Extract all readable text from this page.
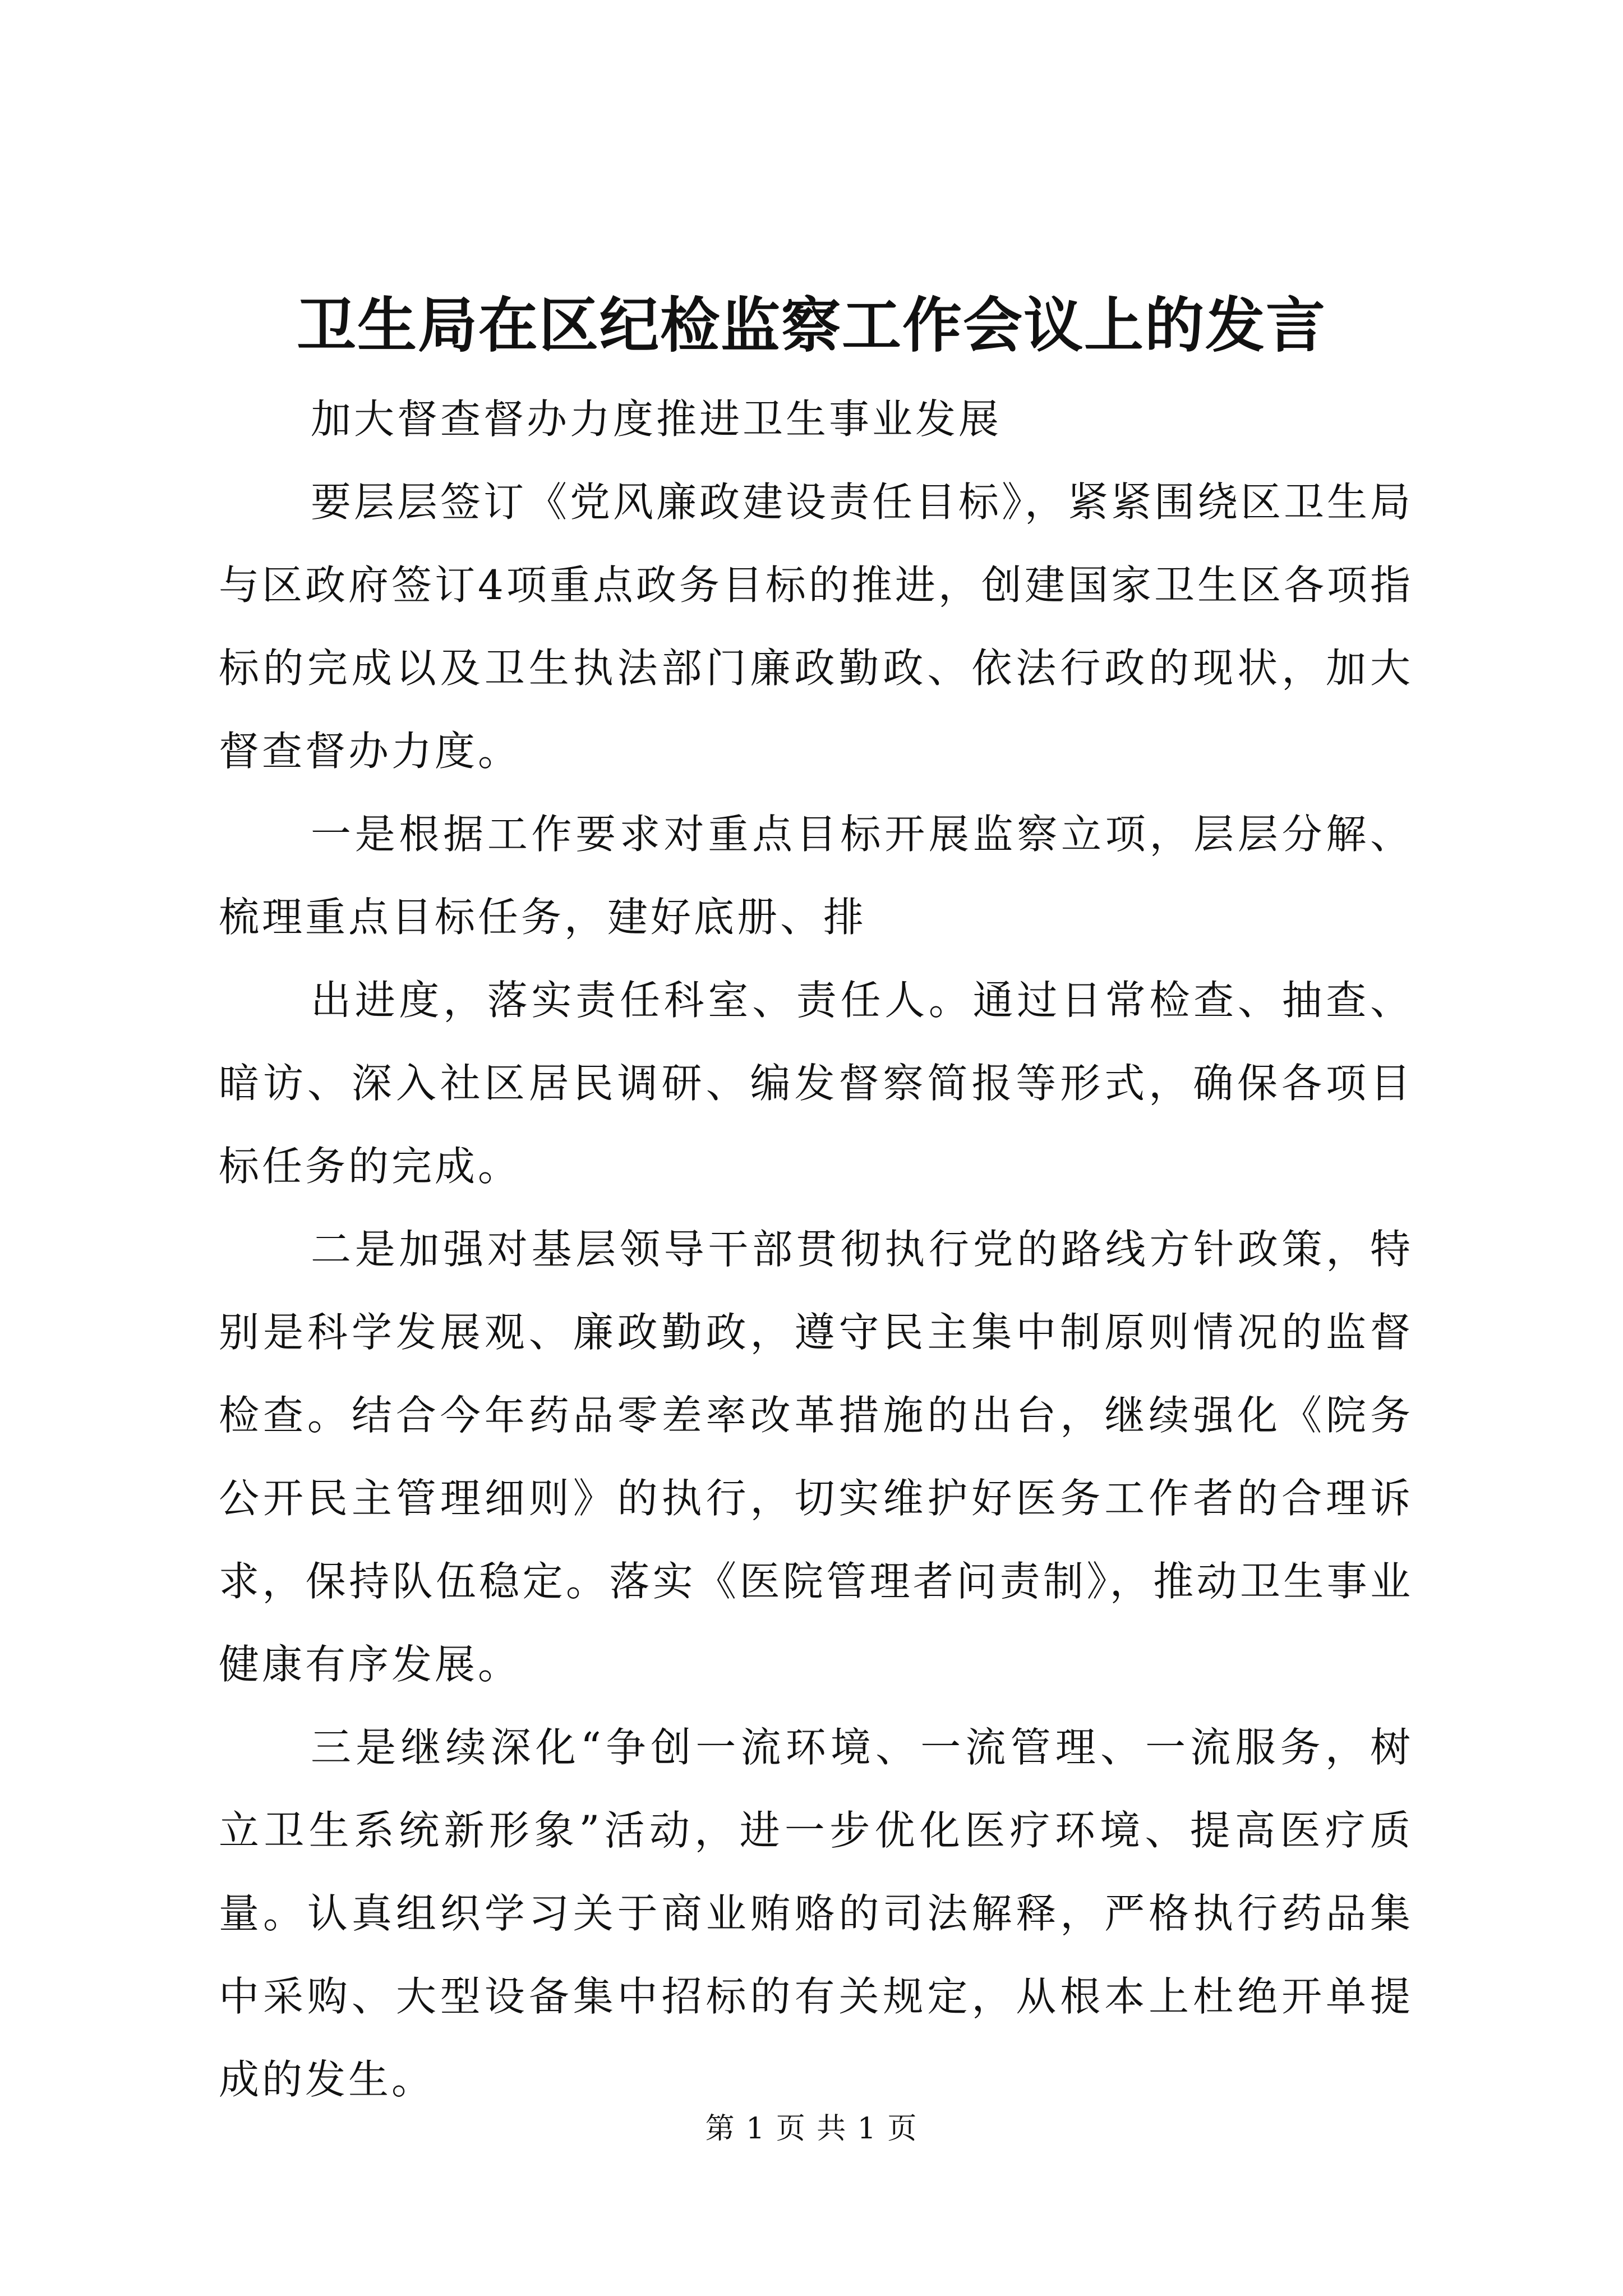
卫生局在区纪检监察工作会议上的发言

加大督查督办力度推进卫生事业发展

要层层签订《党风廉政建设责任目标》，紧紧围绕区卫生局与区政府签订4项重点政务目标的推进，创建国家卫生区各项指标的完成以及卫生执法部门廉政勤政、依法行政的现状，加大督查督办力度。

一是根据工作要求对重点目标开展监察立项，层层分解、梳理重点目标任务，建好底册、排

出进度，落实责任科室、责任人。通过日常检查、抽查、暗访、深入社区居民调研、编发督察简报等形式，确保各项目标任务的完成。

二是加强对基层领导干部贯彻执行党的路线方针政策，特别是科学发展观、廉政勤政，遵守民主集中制原则情况的监督检查。结合今年药品零差率改革措施的出台，继续强化《院务公开民主管理细则》的执行，切实维护好医务工作者的合理诉求，保持队伍稳定。落实《医院管理者问责制》，推动卫生事业健康有序发展。

三是继续深化“争创一流环境、一流管理、一流服务，树立卫生系统新形象”活动，进一步优化医疗环境、提高医疗质量。认真组织学习关于商业贿赂的司法解释，严格执行药品集中采购、大型设备集中招标的有关规定，从根本上杜绝开单提成的发生。

第 1 页 共 1 页
